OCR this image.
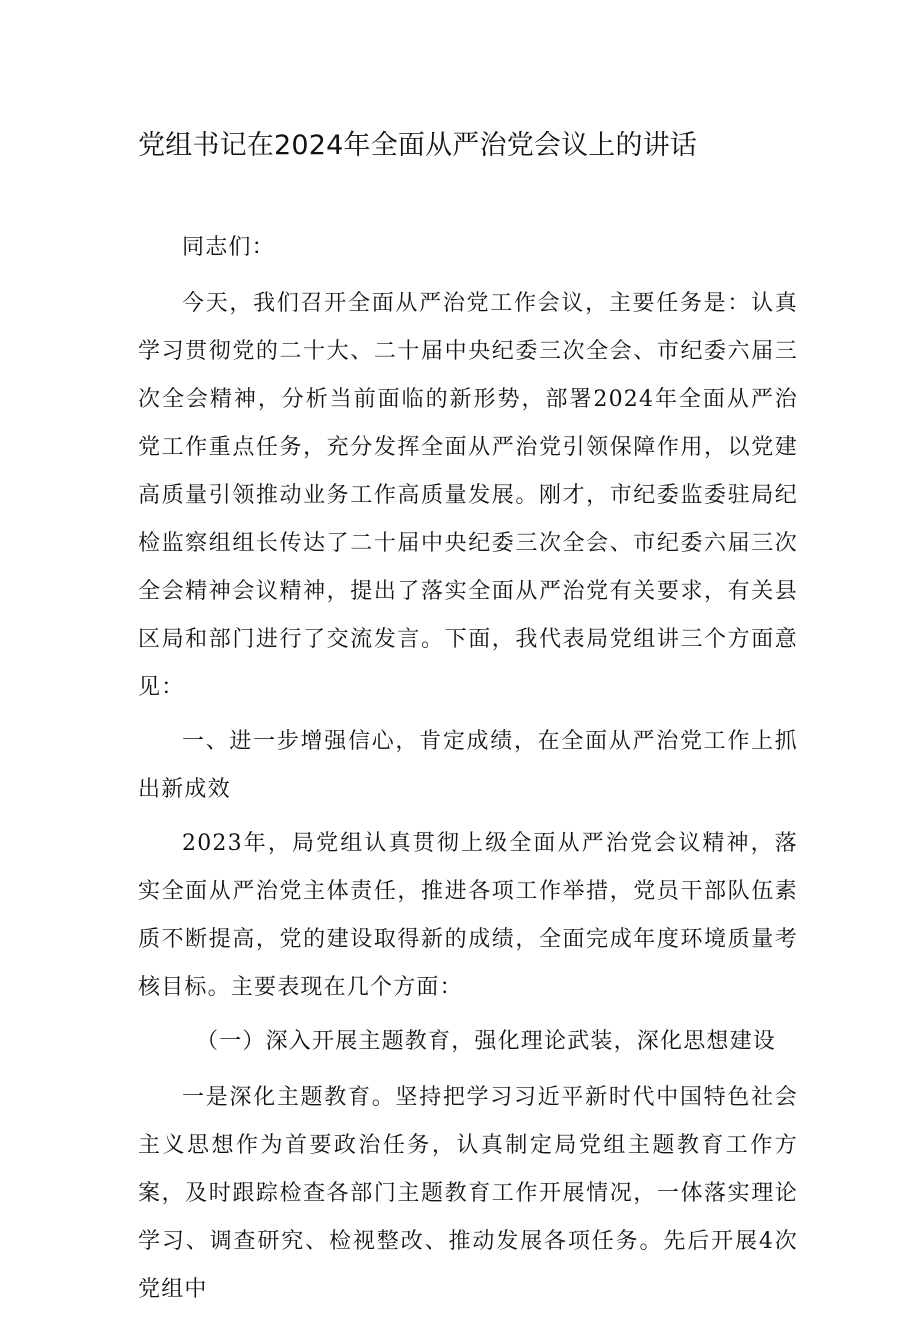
党组书记在2024年全面从严治党会议上的讲话

同志们：

今天，我们召开全面从严治党工作会议，主要任务是：认真学习贯彻党的二十大、二十届中央纪委三次全会、市纪委六届三次全会精神，分析当前面临的新形势，部署2024年全面从严治党工作重点任务，充分发挥全面从严治党引领保障作用，以党建高质量引领推动业务工作高质量发展。刚才，市纪委监委驻局纪检监察组组长传达了二十届中央纪委三次全会、市纪委六届三次全会精神会议精神，提出了落实全面从严治党有关要求，有关县区局和部门进行了交流发言。下面，我代表局党组讲三个方面意见：

一、进一步增强信心，肯定成绩，在全面从严治党工作上抓出新成效

2023年，局党组认真贯彻上级全面从严治党会议精神，落实全面从严治党主体责任，推进各项工作举措，党员干部队伍素质不断提高，党的建设取得新的成绩，全面完成年度环境质量考核目标。主要表现在几个方面：

（一）深入开展主题教育，强化理论武装，深化思想建设

一是深化主题教育。坚持把学习习近平新时代中国特色社会主义思想作为首要政治任务，认真制定局党组主题教育工作方案，及时跟踪检查各部门主题教育工作开展情况，一体落实理论学习、调查研究、检视整改、推动发展各项任务。先后开展4次党组中
